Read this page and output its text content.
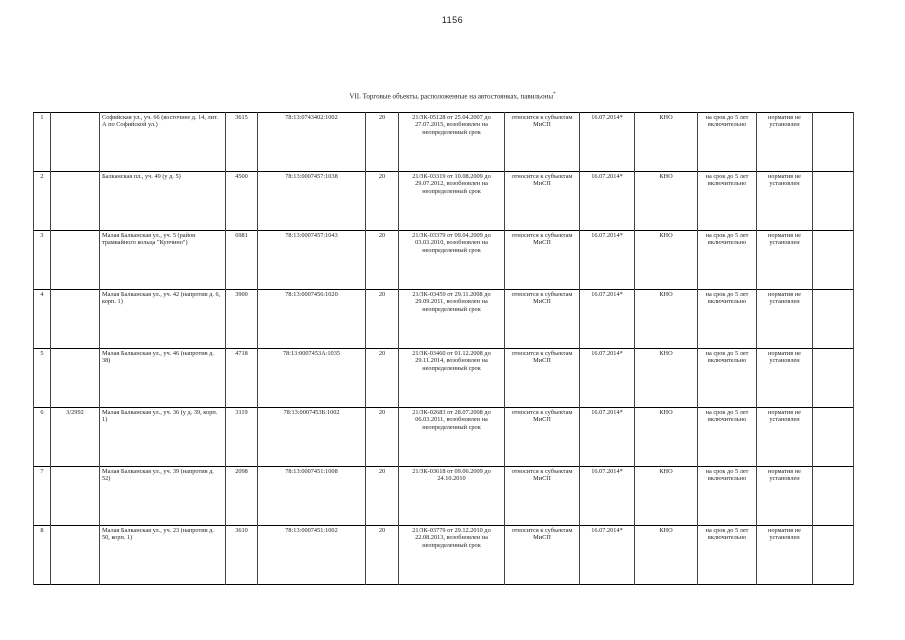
1156
VII. Торговые объекты, расположенные на автостоянках, павильоны*
1		Софийская ул., уч. 66 (восточнее д. 14, лит. А по Софийской ул.)	3615	78:13:0743402:1002	20	21/ЗК-05128 от 25.04.2007 до 27.07.2015, возобновлен на неопределенный срок	относится к субъектам МиСП	16.07.2014*	КНО	на срок до 5 лет включительно	норматив не установлен	
2		Балканская пл., уч. 49 (у д. 5)	4500	78:13:0007457:1038	20	21/ЗК-03319 от 10.08.2009 до 29.07.2012, возобновлен на неопределенный срок	относится к субъектам МиСП	16.07.2014*	КНО	на срок до 5 лет включительно	норматив не установлен	
3		Малая Балканская ул., уч. 5 (район трамвайного кольца "Купчино")	6981	78:13:0007457:1043	20	21/ЗК-03379 от 09.04.2009 до 03.03.2010, возобновлен на неопределенный срок	относится к субъектам МиСП	16.07.2014*	КНО	на срок до 5 лет включительно	норматив не установлен	
4		Малая Балканская ул., уч. 42 (напротив д. 6, корп. 1)	3900	78:13:0007456:1020	20	21/ЗК-03459 от 29.11.2008 до 29.09.2011, возобновлен на неопределенный срок	относится к субъектам МиСП	16.07.2014*	КНО	на срок до 5 лет включительно	норматив не установлен	
5		Малая Балканская ул., уч. 46 (напротив д. 38)	4718	78:13:0007453А:1035	20	21/ЗК-03460 от 01.12.2008 до 29.11.2014, возобновлен на неопределенный срок	относится к субъектам МиСП	16.07.2014*	КНО	на срок до 5 лет включительно	норматив не установлен	
6	3/2992	Малая Балканская ул., уч. 36 (у д. 39, корп. 1)	3119	78:13:0007453Б:1002	20	21/ЗК-02683 от 28.07.2008 до 06.03.2011, возобновлен на неопределенный срок	относится к субъектам МиСП	16.07.2014*	КНО	на срок до 5 лет включительно	норматив не установлен	
7		Малая Балканская ул., уч. 39 (напротив д. 52)	2098	78:13:0007451:1008	20	21/ЗК-03618 от 09.06.2009 до 24.10.2010	относится к субъектам МиСП	16.07.2014*	КНО	на срок до 5 лет включительно	норматив не установлен	
8		Малая Балканская ул., уч. 23 (напротив д. 50, корп. 1)	3610	78:13:0007451:1002	20	21/ЗК-03779 от 29.12.2010 до 22.08.2013, возобновлен на неопределенный срок	относится к субъектам МиСП	16.07.2014*	КНО	на срок до 5 лет включительно	норматив не установлен	
